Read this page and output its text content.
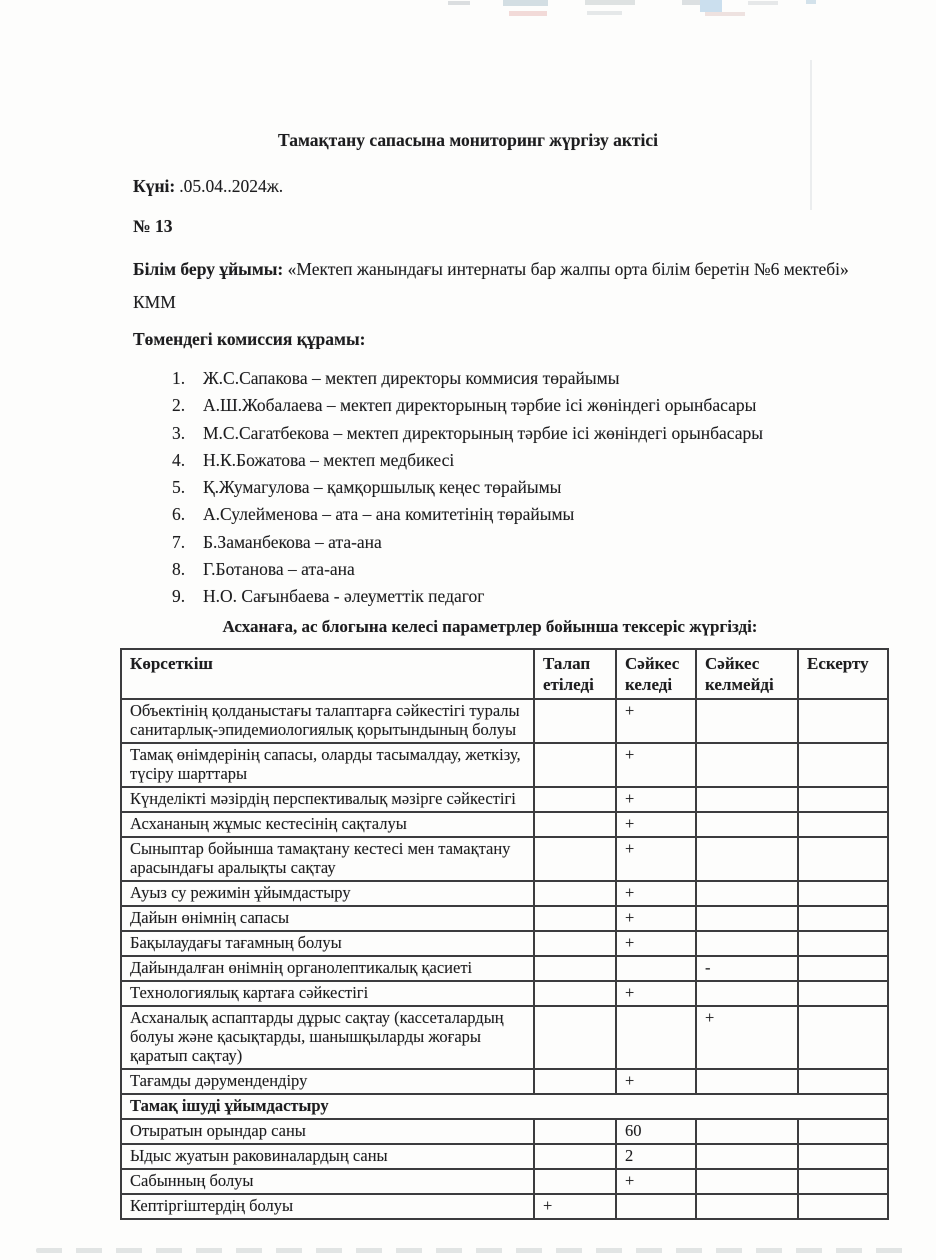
Тамақтану сапасына мониторинг жүргізу актісі

Күні: .05.04..2024ж.

№ 13

Білім беру ұйымы: «Мектеп жанындағы интернаты бар жалпы орта білім беретін №6 мектебі» КММ

Төмендегі комиссия құрамы:

1. Ж.С.Сапакова – мектеп директоры коммисия төрайымы
2. А.Ш.Жобалаева – мектеп директорының тәрбие ісі жөніндегі орынбасары
3. М.С.Сагатбекова – мектеп директорының тәрбие ісі жөніндегі орынбасары
4. Н.К.Божатова – мектеп медбикесі
5. Қ.Жумагулова – қамқоршылық кеңес төрайымы
6. А.Сулейменова – ата – ана комитетінің төрайымы
7. Б.Заманбекова – ата-ана
8. Г.Ботанова – ата-ана
9. Н.О. Сағынбаева - әлеуметтік педагог

Асханаға, ас блогына келесі параметрлер бойынша тексеріс жүргізді:

Көрсеткіш	Талап етіледі	Сәйкес келеді	Сәйкес келмейді	Ескерту
Объектінің қолданыстағы талаптарға сәйкестігі туралы санитарлық-эпидемиологиялық қорытындының болуы		+		
Тамақ өнімдерінің сапасы, оларды тасымалдау, жеткізу, түсіру шарттары		+		
Күнделікті мәзірдің перспективалық мәзірге сәйкестігі		+		
Асхананың жұмыс кестесінің сақталуы		+		
Сыныптар бойынша тамақтану кестесі мен тамақтану арасындағы аралықты сақтау		+		
Ауыз су режимін ұйымдастыру		+		
Дайын өнімнің сапасы		+		
Бақылаудағы тағамның болуы		+		
Дайындалған өнімнің органолептикалық қасиеті			-	
Технологиялық картаға сәйкестігі		+		
Асханалық аспаптарды дұрыс сақтау (кассеталардың болуы және қасықтарды, шанышқыларды жоғары қаратып сақтау)			+	
Тағамды дәрумендендіру		+		
Тамақ ішуді ұйымдастыру				
Отыратын орындар саны		60		
Ыдыс жуатын раковиналардың саны		2		
Сабынның болуы		+		
Кептіргіштердің болуы	+			
